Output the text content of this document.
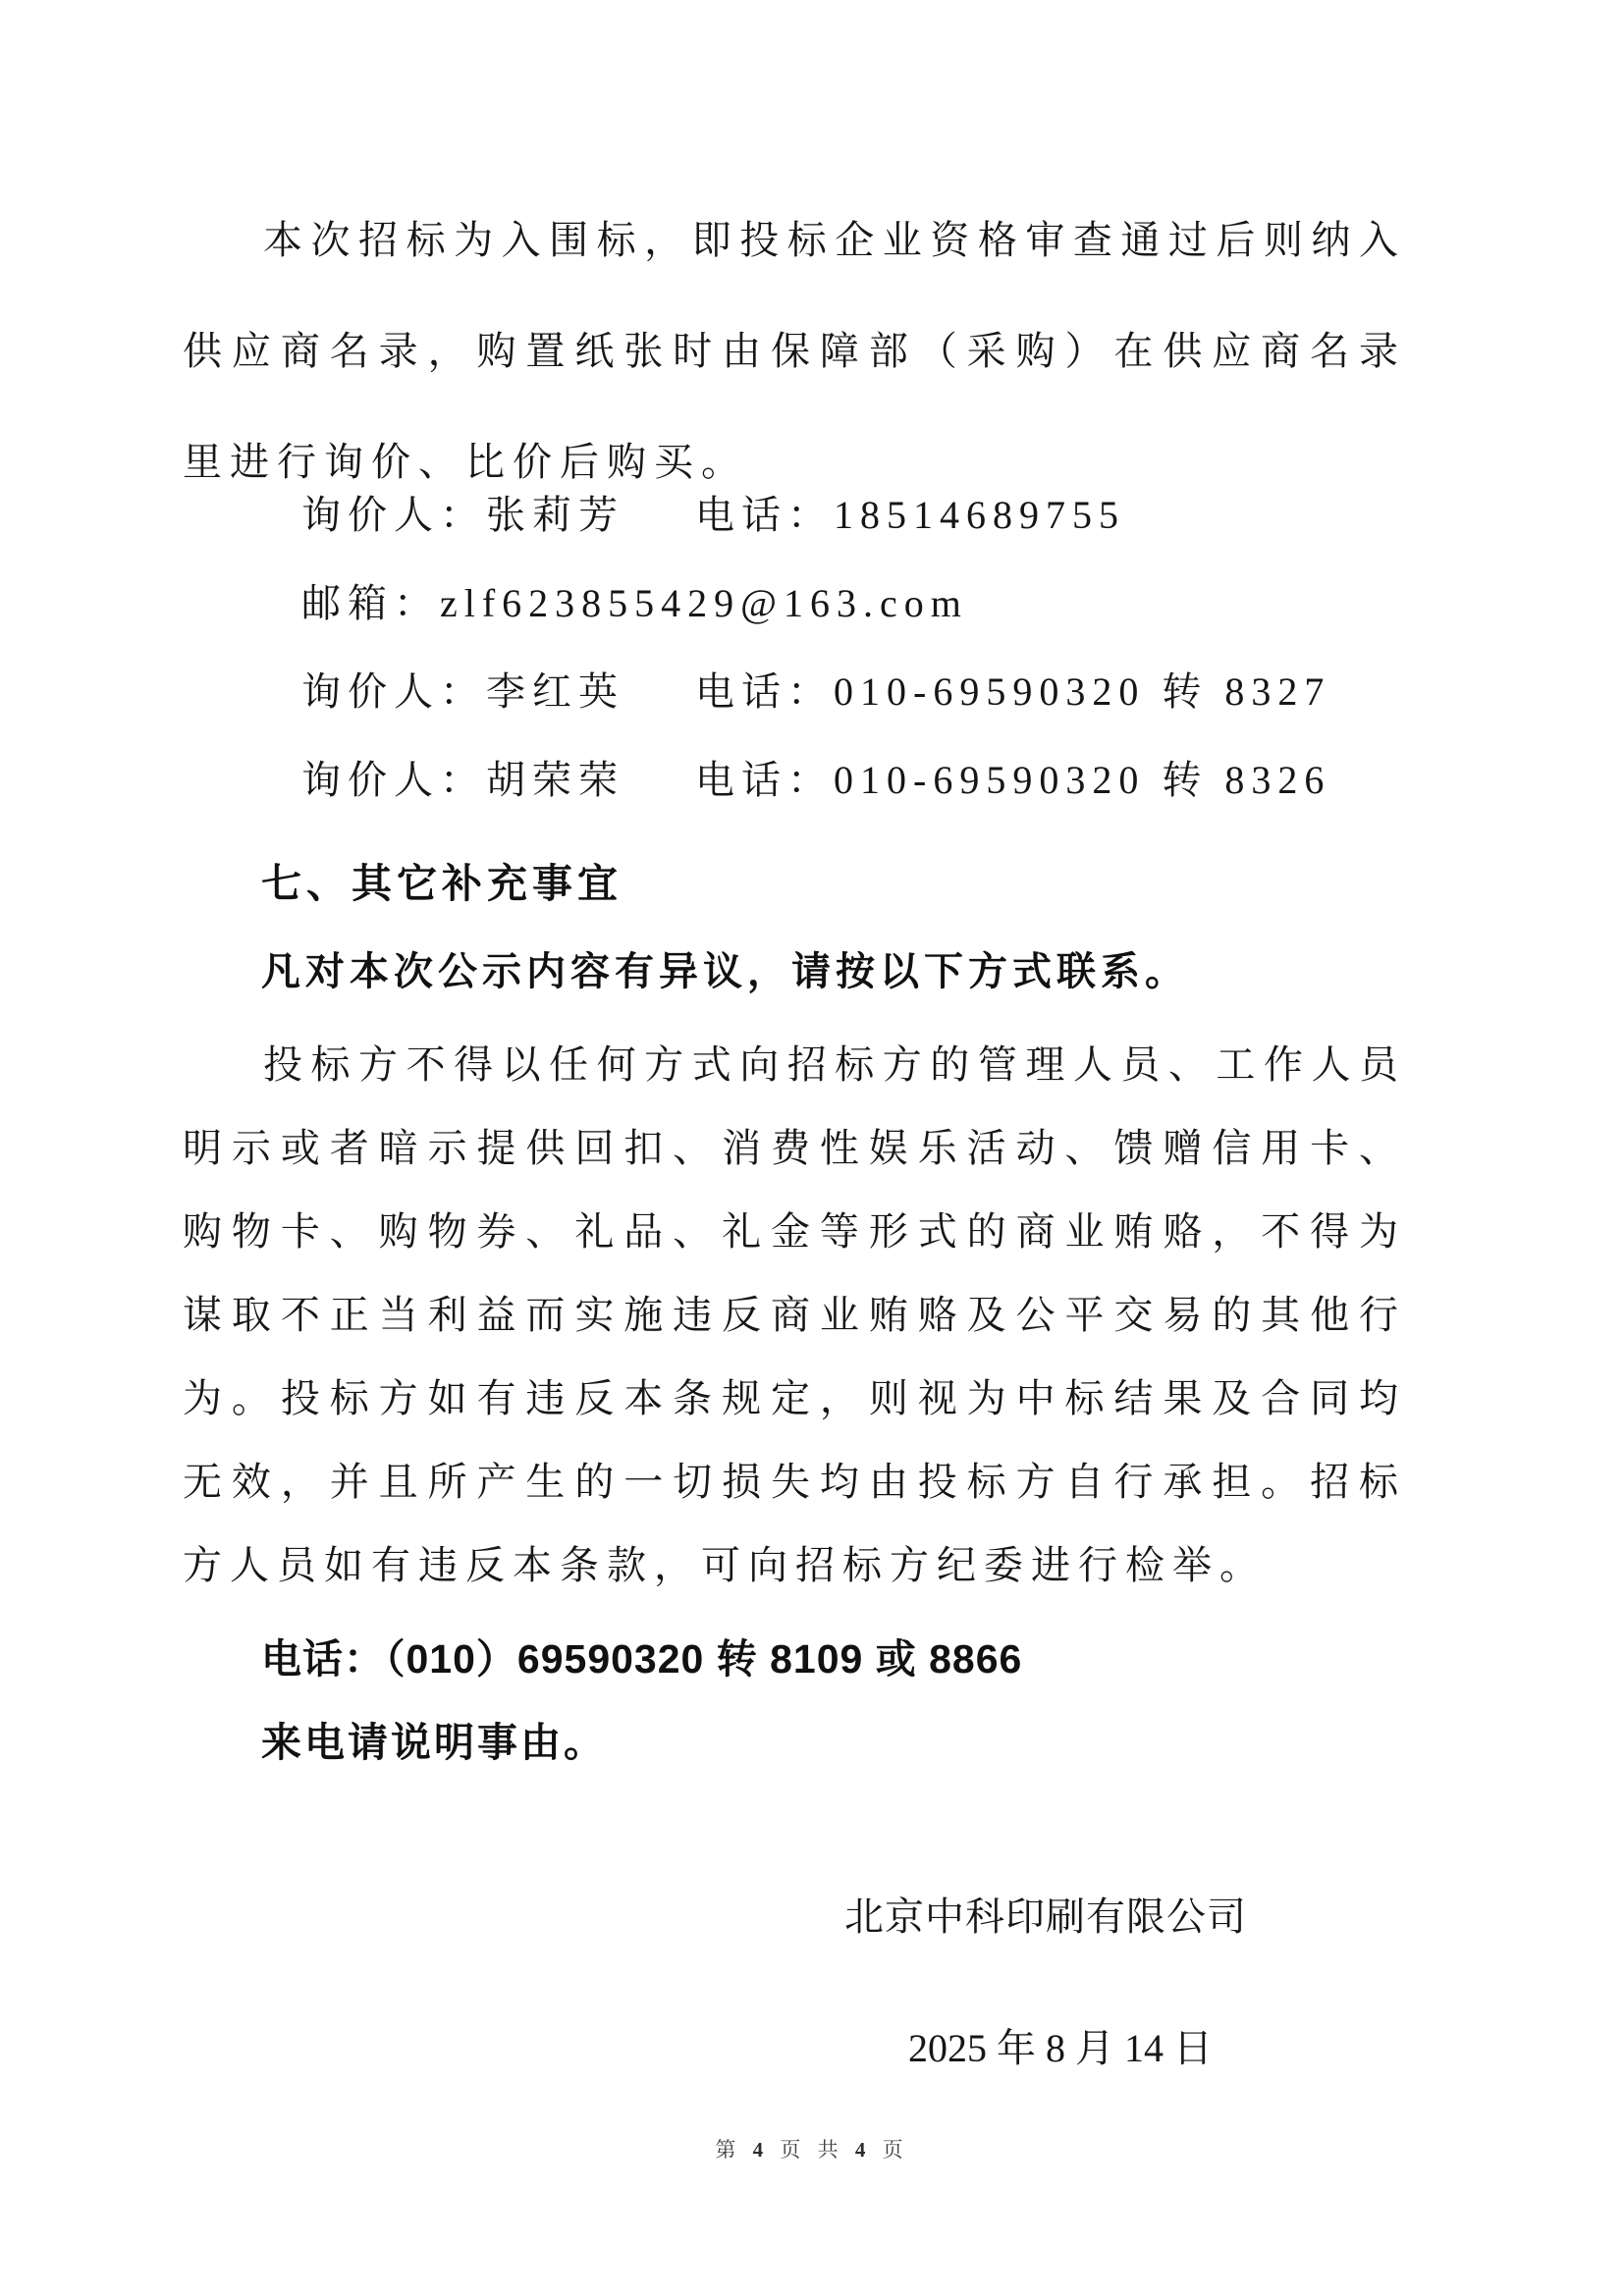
本次招标为入围标，即投标企业资格审查通过后则纳入供应商名录，购置纸张时由保障部（采购）在供应商名录里进行询价、比价后购买。
询价人：张莉芳 电话：18514689755
邮箱：zlf623855429@163.com
询价人：李红英 电话：010-69590320 转 8327
询价人：胡荣荣 电话：010-69590320 转 8326
七、其它补充事宜
凡对本次公示内容有异议，请按以下方式联系。
投标方不得以任何方式向招标方的管理人员、工作人员明示或者暗示提供回扣、消费性娱乐活动、馈赠信用卡、购物卡、购物券、礼品、礼金等形式的商业贿赂，不得为谋取不正当利益而实施违反商业贿赂及公平交易的其他行为。投标方如有违反本条规定，则视为中标结果及合同均无效，并且所产生的一切损失均由投标方自行承担。招标方人员如有违反本条款，可向招标方纪委进行检举。
电话：（010）69590320 转 8109 或 8866
来电请说明事由。
北京中科印刷有限公司
2025 年 8 月 14 日
第 4 页 共 4 页
